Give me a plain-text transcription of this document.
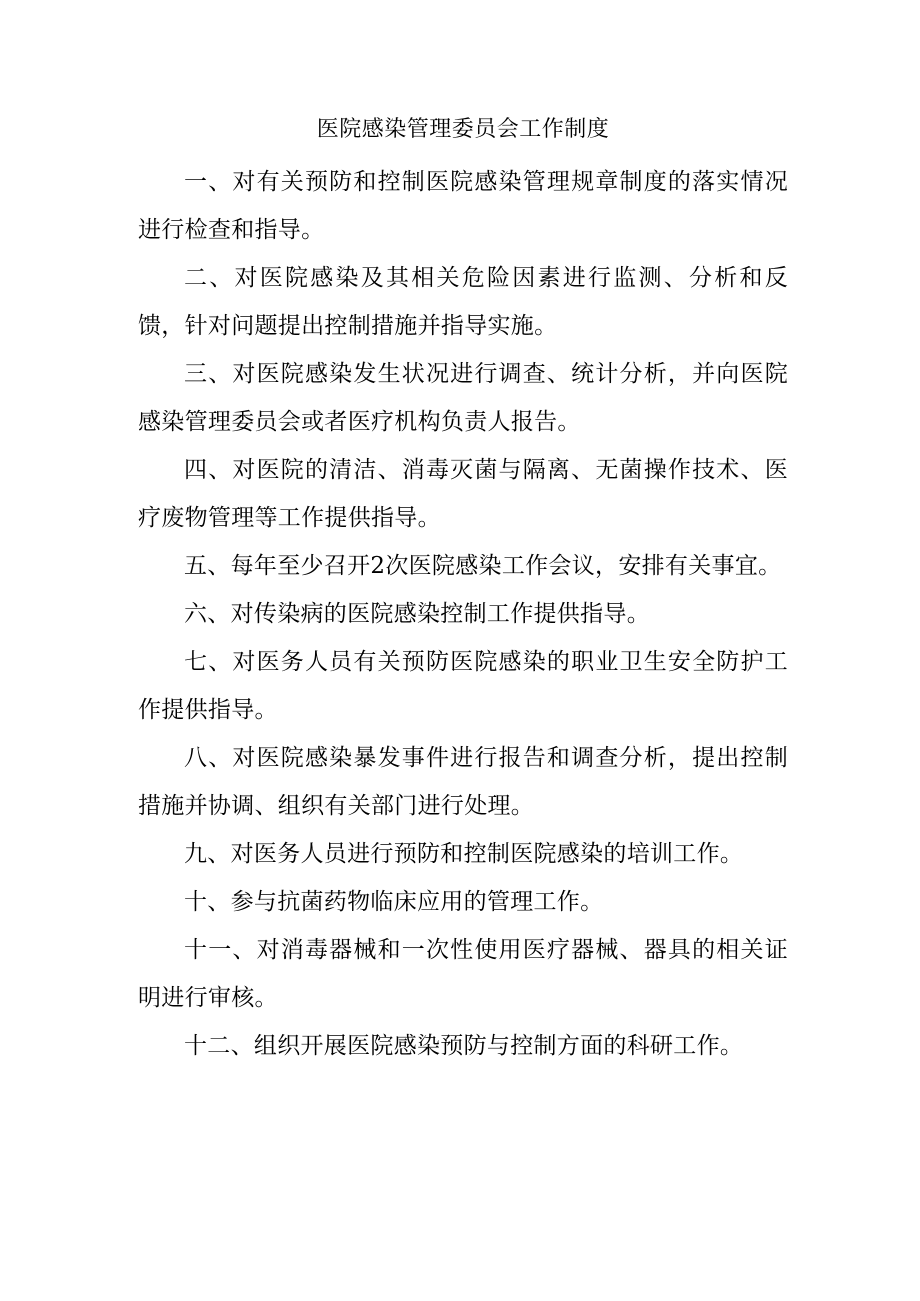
医院感染管理委员会工作制度

一、对有关预防和控制医院感染管理规章制度的落实情况进行检查和指导。

二、对医院感染及其相关危险因素进行监测、分析和反馈，针对问题提出控制措施并指导实施。

三、对医院感染发生状况进行调查、统计分析，并向医院感染管理委员会或者医疗机构负责人报告。

四、对医院的清洁、消毒灭菌与隔离、无菌操作技术、医疗废物管理等工作提供指导。

五、每年至少召开2次医院感染工作会议，安排有关事宜。

六、对传染病的医院感染控制工作提供指导。

七、对医务人员有关预防医院感染的职业卫生安全防护工作提供指导。

八、对医院感染暴发事件进行报告和调查分析，提出控制措施并协调、组织有关部门进行处理。

九、对医务人员进行预防和控制医院感染的培训工作。

十、参与抗菌药物临床应用的管理工作。

十一、对消毒器械和一次性使用医疗器械、器具的相关证明进行审核。

十二、组织开展医院感染预防与控制方面的科研工作。
